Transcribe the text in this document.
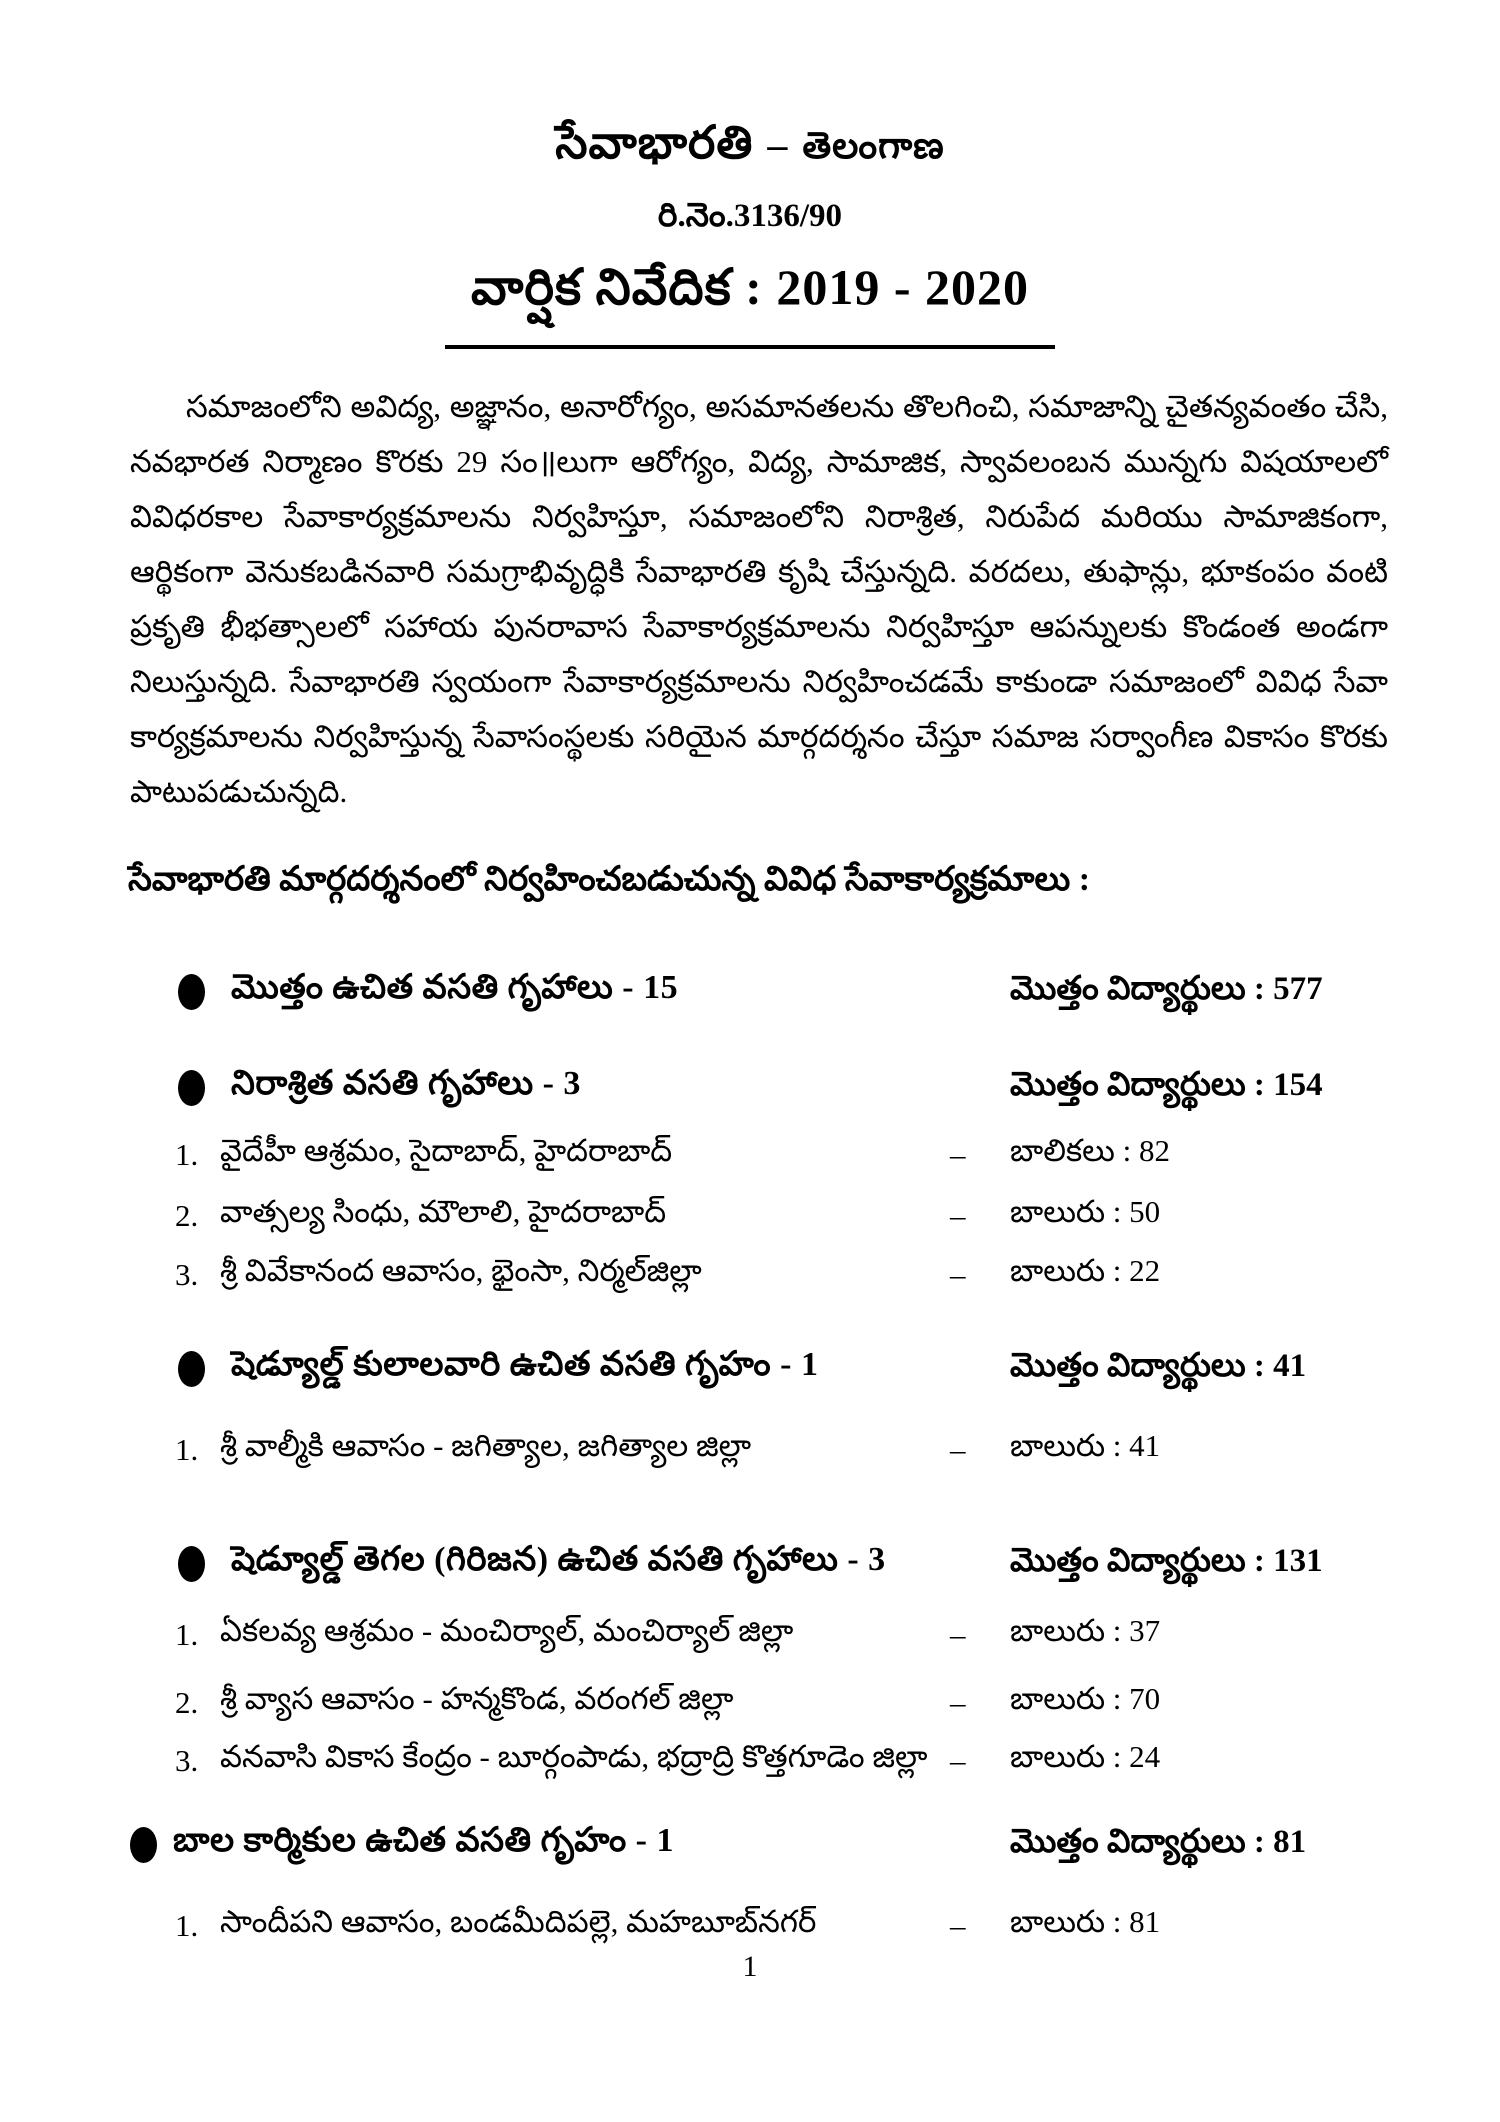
సేవాభారతి – తెలంగాణ
రి.నెం.3136/90
వార్షిక నివేదిక : 2019 - 2020

సమాజంలోని అవిద్య, అజ్ఞానం, అనారోగ్యం, అసమానతలను తొలగించి, సమాజాన్ని చైతన్యవంతం చేసి, నవభారత నిర్మాణం కొరకు 29 సం॥లుగా ఆరోగ్యం, విద్య, సామాజిక, స్వావలంబన మున్నగు విషయాలలో వివిధరకాల సేవాకార్యక్రమాలను నిర్వహిస్తూ, సమాజంలోని నిరాశ్రిత, నిరుపేద మరియు సామాజికంగా, ఆర్థికంగా వెనుకబడినవారి సమగ్రాభివృద్ధికి సేవాభారతి కృషి చేస్తున్నది. వరదలు, తుఫాన్లు, భూకంపం వంటి ప్రకృతి భీభత్సాలలో సహాయ పునరావాస సేవాకార్యక్రమాలను నిర్వహిస్తూ ఆపన్నులకు కొండంత అండగా నిలుస్తున్నది. సేవాభారతి స్వయంగా సేవాకార్యక్రమాలను నిర్వహించడమే కాకుండా సమాజంలో వివిధ సేవా కార్యక్రమాలను నిర్వహిస్తున్న సేవాసంస్థలకు సరియైన మార్గదర్శనం చేస్తూ సమాజ సర్వాంగీణ వికాసం కొరకు పాటుపడుచున్నది.

సేవాభారతి మార్గదర్శనంలో నిర్వహించబడుచున్న వివిధ సేవాకార్యక్రమాలు :
మొత్తం ఉచిత వసతి గృహాలు - 15	మొత్తం విద్యార్థులు : 577
నిరాశ్రిత వసతి గృహాలు - 3	మొత్తం విద్యార్థులు : 154
1. వైదేహీ ఆశ్రమం, సైదాబాద్, హైదరాబాద్	–	బాలికలు : 82
2. వాత్సల్య సింధు, మౌలాలి, హైదరాబాద్	–	బాలురు : 50
3. శ్రీ వివేకానంద ఆవాసం, భైంసా, నిర్మల్‌జిల్లా	–	బాలురు : 22
షెడ్యూల్డ్ కులాలవారి ఉచిత వసతి గృహం - 1	మొత్తం విద్యార్థులు : 41
1. శ్రీ వాల్మీకి ఆవాసం - జగిత్యాల, జగిత్యాల జిల్లా	–	బాలురు : 41
షెడ్యూల్డ్ తెగల (గిరిజన) ఉచిత వసతి గృహాలు - 3	మొత్తం విద్యార్థులు : 131
1. ఏకలవ్య ఆశ్రమం - మంచిర్యాల్, మంచిర్యాల్ జిల్లా	–	బాలురు : 37
2. శ్రీ వ్యాస ఆవాసం - హన్మకొండ, వరంగల్ జిల్లా	–	బాలురు : 70
3. వనవాసి వికాస కేంద్రం - బూర్గంపాడు, భద్రాద్రి కొత్తగూడెం జిల్లా –	బాలురు : 24
బాల కార్మికుల ఉచిత వసతి గృహం - 1	మొత్తం విద్యార్థులు : 81
1. సాందీపని ఆవాసం, బండమీదిపల్లె, మహబూబ్‌నగర్	–	బాలురు : 81
1
